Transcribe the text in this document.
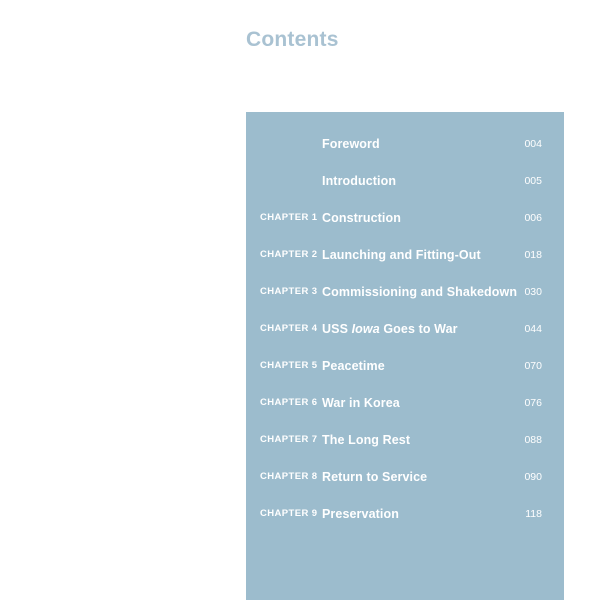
Contents
Foreword	004
Introduction	005
CHAPTER 1 Construction	006
CHAPTER 2 Launching and Fitting-Out	018
CHAPTER 3 Commissioning and Shakedown 030
CHAPTER 4 USS Iowa Goes to War	044
CHAPTER 5 Peacetime	070
CHAPTER 6 War in Korea	076
CHAPTER 7 The Long Rest	088
CHAPTER 8 Return to Service	090
CHAPTER 9 Preservation	118
